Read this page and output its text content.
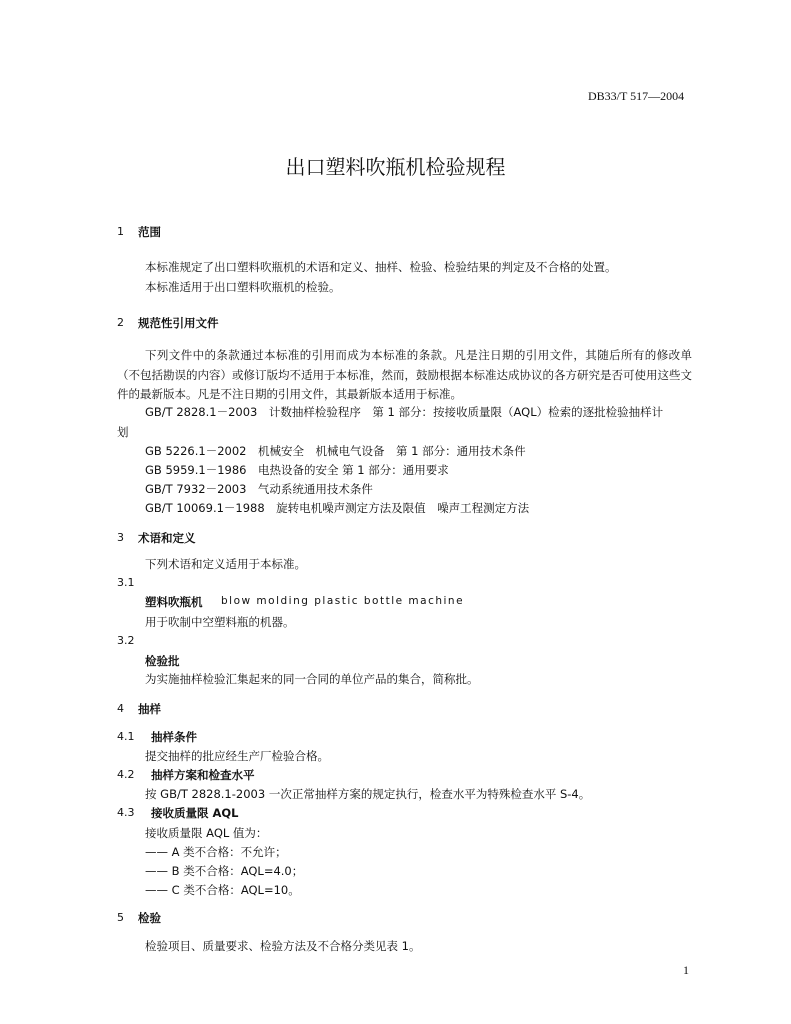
DB33/T 517—2004
出口塑料吹瓶机检验规程
1 范围
本标准规定了出口塑料吹瓶机的术语和定义、抽样、检验、检验结果的判定及不合格的处置。
本标准适用于出口塑料吹瓶机的检验。
2 规范性引用文件
下列文件中的条款通过本标准的引用而成为本标准的条款。凡是注日期的引用文件，其随后所有的修改单（不包括勘误的内容）或修订版均不适用于本标准，然而，鼓励根据本标准达成协议的各方研究是否可使用这些文件的最新版本。凡是不注日期的引用文件，其最新版本适用于标准。
GB/T 2828.1－2003　计数抽样检验程序　第 1 部分：按接收质量限（AQL）检索的逐批检验抽样计
划
GB 5226.1－2002　机械安全　机械电气设备　第 1 部分：通用技术条件
GB 5959.1－1986　电热设备的安全 第 1 部分：通用要求
GB/T 7932－2003　气动系统通用技术条件
GB/T 10069.1－1988　旋转电机噪声测定方法及限值　噪声工程测定方法
3 术语和定义
下列术语和定义适用于本标准。
3.1
塑料吹瓶机 blow molding plastic bottle machine
用于吹制中空塑料瓶的机器。
3.2
检验批
为实施抽样检验汇集起来的同一合同的单位产品的集合，简称批。
4 抽样
4.1 抽样条件
提交抽样的批应经生产厂检验合格。
4.2 抽样方案和检查水平
按 GB/T 2828.1-2003 一次正常抽样方案的规定执行，检查水平为特殊检查水平 S-4。
4.3 接收质量限 AQL
接收质量限 AQL 值为：
—— A 类不合格：不允许；
—— B 类不合格：AQL=4.0；
—— C 类不合格：AQL=10。
5 检验
检验项目、质量要求、检验方法及不合格分类见表 1。
1
